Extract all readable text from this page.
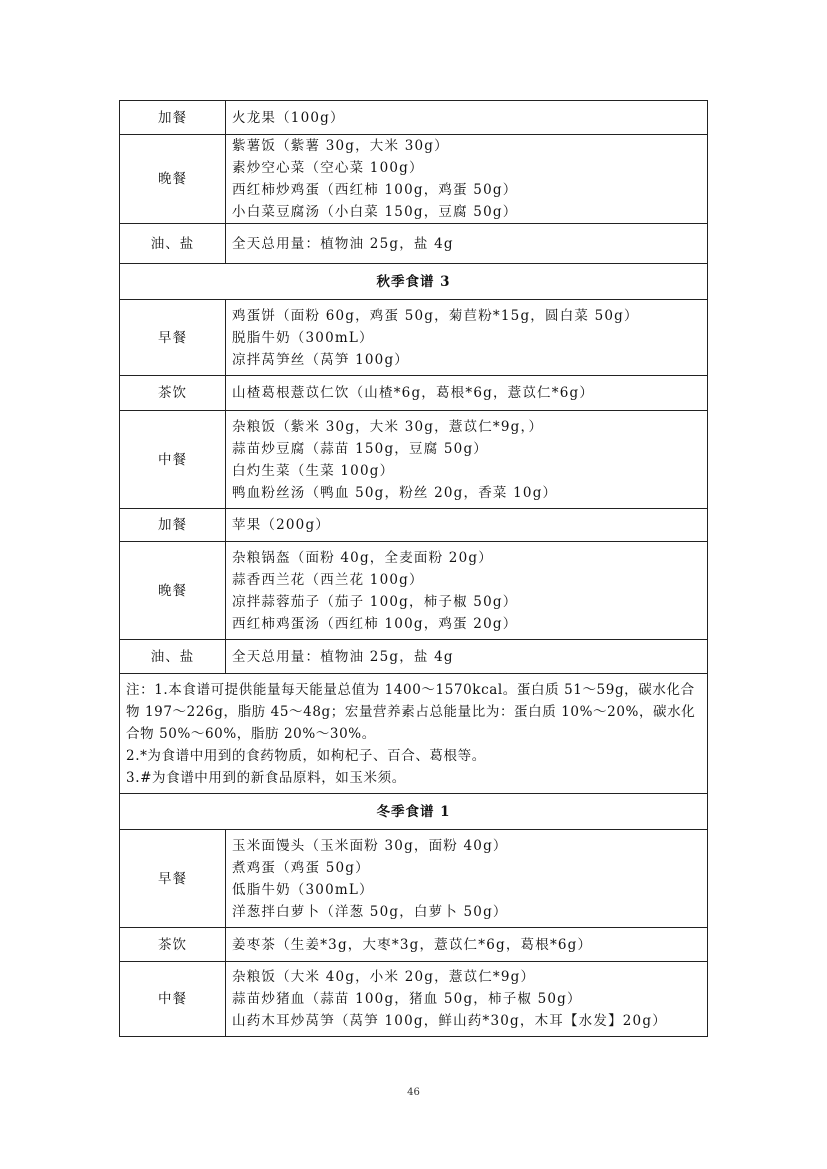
加餐	火龙果（100g）

晚餐	紫薯饭（紫薯 30g，大米 30g）
素炒空心菜（空心菜 100g）
西红柿炒鸡蛋（西红柿 100g，鸡蛋 50g）
小白菜豆腐汤（小白菜 150g，豆腐 50g）

油、盐	全天总用量：植物油 25g，盐 4g

秋季食谱 3	
早餐	鸡蛋饼（面粉 60g，鸡蛋 50g，菊苣粉*15g，圆白菜 50g）
脱脂牛奶（300mL）
凉拌莴笋丝（莴笋 100g）

茶饮	山楂葛根薏苡仁饮（山楂*6g，葛根*6g，薏苡仁*6g）

中餐	杂粮饭（紫米 30g，大米 30g，薏苡仁*9g，）
蒜苗炒豆腐（蒜苗 150g，豆腐 50g）
白灼生菜（生菜 100g）
鸭血粉丝汤（鸭血 50g，粉丝 20g，香菜 10g）

加餐	苹果（200g）

晚餐	杂粮锅盔（面粉 40g，全麦面粉 20g）
蒜香西兰花（西兰花 100g）
凉拌蒜蓉茄子（茄子 100g，柿子椒 50g）
西红柿鸡蛋汤（西红柿 100g，鸡蛋 20g）

油、盐	全天总用量：植物油 25g，盐 4g

注：1.本食谱可提供能量每天能量总值为 1400～1570kcal。蛋白质 51～59g，碳水化合物 197～226g，脂肪 45～48g；宏量营养素占总能量比为：蛋白质 10%～20%，碳水化合物 50%～60%，脂肪 20%～30%。
2.*为食谱中用到的食药物质，如枸杞子、百合、葛根等。
3.#为食谱中用到的新食品原料，如玉米须。	

冬季食谱 1	
早餐	玉米面馒头（玉米面粉 30g，面粉 40g）
煮鸡蛋（鸡蛋 50g）
低脂牛奶（300mL）
洋葱拌白萝卜（洋葱 50g，白萝卜 50g）

茶饮	姜枣茶（生姜*3g，大枣*3g，薏苡仁*6g，葛根*6g）

中餐	杂粮饭（大米 40g，小米 20g，薏苡仁*9g）
蒜苗炒猪血（蒜苗 100g，猪血 50g，柿子椒 50g）
山药木耳炒莴笋（莴笋 100g，鲜山药*30g，木耳【水发】20g）
46
